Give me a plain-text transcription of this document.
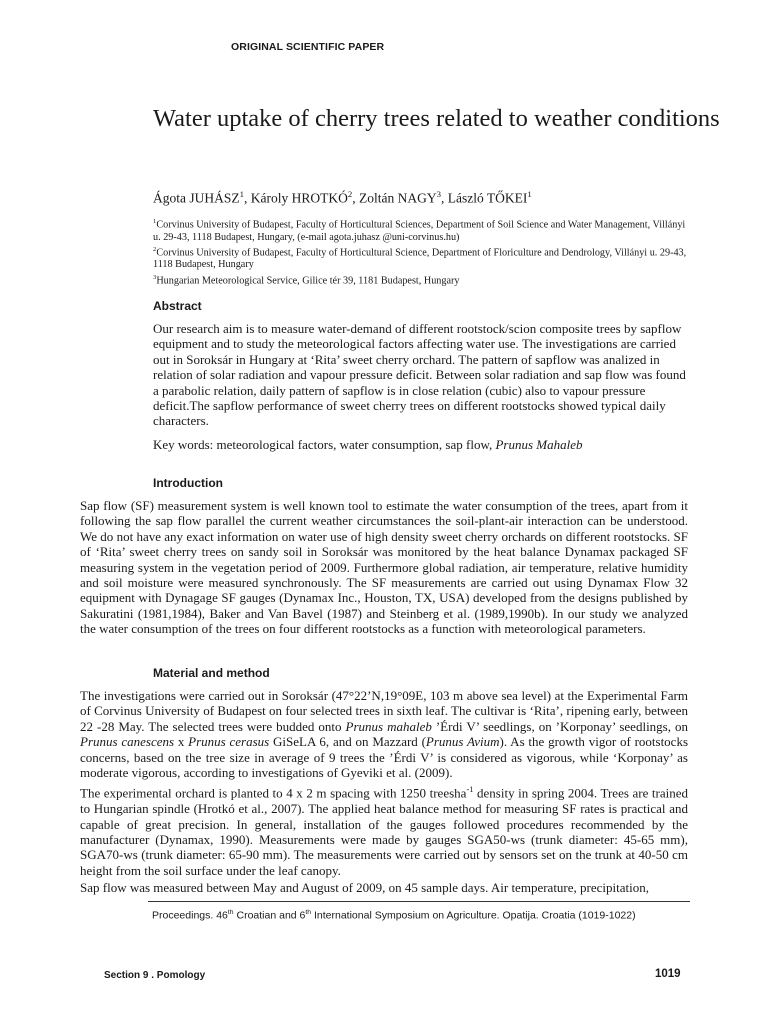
ORIGINAL SCIENTIFIC PAPER
Water uptake of cherry trees related to weather conditions
Ágota JUHÁSZ$^1$, Károly HROTKÓ$^2$, Zoltán NAGY$^3$, László TŐKEI$^1$

$^1$Corvinus University of Budapest, Faculty of Horticultural Sciences, Department of Soil Science and Water Management, Villányi u. 29-43, 1118 Budapest, Hungary, (e-mail agota.juhasz @uni-corvinus.hu)

$^2$Corvinus University of Budapest, Faculty of Horticultural Science, Department of Floriculture and Dendrology, Villányi u. 29-43, 1118 Budapest, Hungary

$^3$Hungarian Meteorological Service, Gilice tér 39, 1181 Budapest, Hungary

Abstract
Our research aim is to measure water-demand of different rootstock/scion composite trees by sapflow equipment and to study the meteorological factors affecting water use. The investigations are carried out in Soroksár in Hungary at ‘Rita’ sweet cherry orchard. The pattern of sapflow was analized in relation of solar radiation and vapour pressure deficit. Between solar radiation and sap flow was found a parabolic relation, daily pattern of sapflow is in close relation (cubic) also to vapour pressure deficit.The sapflow performance of sweet cherry trees on different rootstocks showed typical daily characters.
Key words: meteorological factors, water consumption, sap flow, Prunus Mahaleb
Introduction
Sap flow (SF) measurement system is well known tool to estimate the water consumption of the trees, apart from it following the sap flow parallel the current weather circumstances the soil-plant-air interaction can be understood. We do not have any exact information on water use of high density sweet cherry orchards on different rootstocks. SF of ‘Rita’ sweet cherry trees on sandy soil in Soroksár was monitored by the heat balance Dynamax packaged SF measuring system in the vegetation period of 2009. Furthermore global radiation, air temperature, relative humidity and soil moisture were measured synchronously. The SF measurements are carried out using Dynamax Flow 32 equipment with Dynagage SF gauges (Dynamax Inc., Houston, TX, USA) developed from the designs published by Sakuratini (1981,1984), Baker and Van Bavel (1987) and Steinberg et al. (1989,1990b). In our study we analyzed the water consumption of the trees on four different rootstocks as a function with meteorological parameters.
Material and method

The investigations were carried out in Soroksár (47°22’N,19°09E, 103 m above sea level) at the Experimental Farm of Corvinus University of Budapest on four selected trees in sixth leaf. The cultivar is ‘Rita’, ripening early, between 22 -28 May. The selected trees were budded onto Prunus mahaleb ’Érdi V’ seedlings, on ’Korponay’ seedlings, on Prunus canescens x Prunus cerasus GiSeLA 6, and on Mazzard (Prunus Avium). As the growth vigor of rootstocks concerns, based on the tree size in average of 9 trees the ’Érdi V’ is considered as vigorous, while ‘Korponay’ as moderate vigorous, according to investigations of Gyeviki et al. (2009).

The experimental orchard is planted to 4 x 2 m spacing with 1250 treesha$^{-1}$ density in spring 2004. Trees are trained to Hungarian spindle (Hrotkó et al., 2007). The applied heat balance method for measuring SF rates is practical and capable of great precision. In general, installation of the gauges followed procedures recommended by the manufacturer (Dynamax, 1990). Measurements were made by gauges SGA50-ws (trunk diameter: 45-65 mm), SGA70-ws (trunk diameter: 65-90 mm). The measurements were carried out by sensors set on the trunk at 40-50 cm height from the soil surface under the leaf canopy.

Sap flow was measured between May and August of 2009, on 45 sample days. Air temperature, precipitation,

Proceedings. 46th Croatian and 6th International Symposium on Agriculture. Opatija. Croatia (1019-1022)
Section 9 . Pomology	1019
